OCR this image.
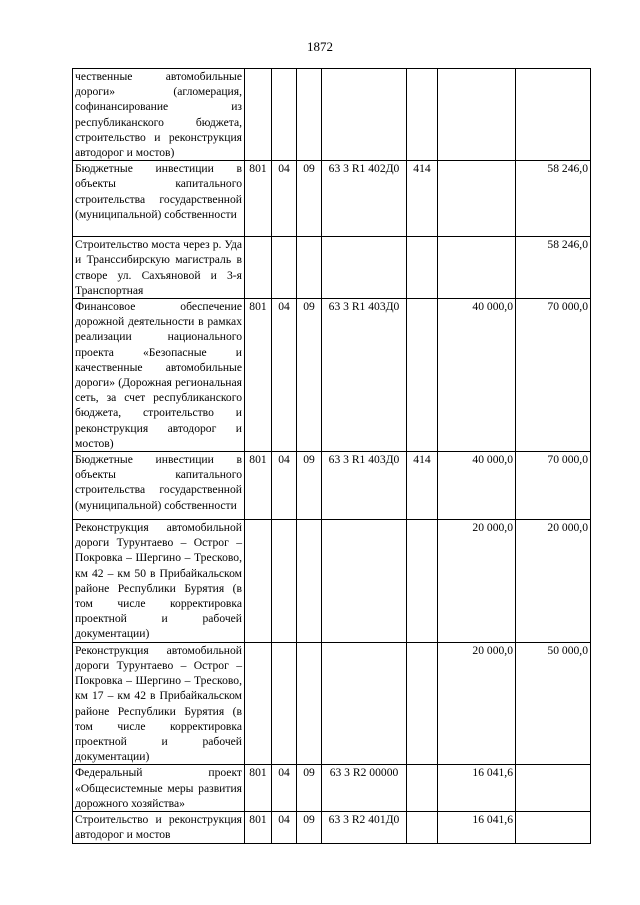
1872
чественные автомобильные дороги» (агломерация, софинансирование из республиканского бюджета, строительство и реконструкция автодорог и мостов)							
Бюджетные инвестиции в объекты капитального строительства государственной (муниципальной) собственности	801	04	09	63 3 R1 402Д0	414		58 246,0
Строительство моста через р. Уда и Транссибирскую магистраль в створе ул. Сахъяновой и 3-я Транспортная							58 246,0
Финансовое обеспечение дорожной деятельности в рамках реализации национального проекта «Безопасные и качественные автомобильные дороги» (Дорожная региональная сеть, за счет республиканского бюджета, строительство и реконструкция автодорог и мостов)	801	04	09	63 3 R1 403Д0		40 000,0	70 000,0
Бюджетные инвестиции в объекты капитального строительства государственной (муниципальной) собственности	801	04	09	63 3 R1 403Д0	414	40 000,0	70 000,0
Реконструкция автомобильной дороги Турунтаево – Острог – Покровка – Шергино – Тресково, км 42 – км 50 в Прибайкальском районе Республики Бурятия (в том числе корректировка проектной и рабочей документации)						20 000,0	20 000,0
Реконструкция автомобильной дороги Турунтаево – Острог – Покровка – Шергино – Тресково, км 17 – км 42 в Прибайкальском районе Республики Бурятия (в том числе корректировка проектной и рабочей документации)						20 000,0	50 000,0
Федеральный проект «Общесистемные меры развития дорожного хозяйства»	801	04	09	63 3 R2 00000		16 041,6	
Строительство и реконструкция автодорог и мостов	801	04	09	63 3 R2 401Д0		16 041,6	
